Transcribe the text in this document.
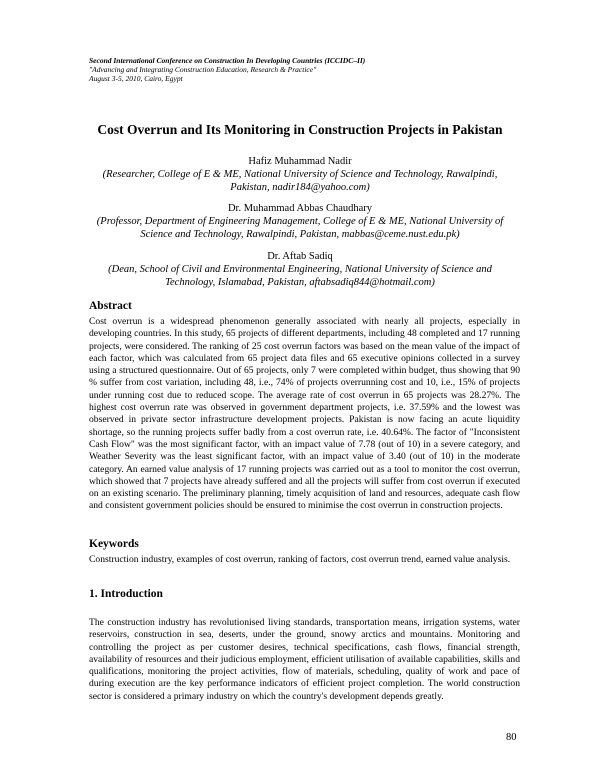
Second International Conference on Construction In Developing Countries (ICCIDC–II)
"Advancing and Integrating Construction Education, Research & Practice"
August 3-5, 2010, Cairo, Egypt
Cost Overrun and Its Monitoring in Construction Projects in Pakistan
Hafiz Muhammad Nadir
(Researcher, College of E & ME, National University of Science and Technology, Rawalpindi, Pakistan, nadir184@yahoo.com)
Dr. Muhammad Abbas Chaudhary
(Professor, Department of Engineering Management, College of E & ME, National University of Science and Technology, Rawalpindi, Pakistan, mabbas@ceme.nust.edu.pk)
Dr. Aftab Sadiq
(Dean, School of Civil and Environmental Engineering, National University of Science and Technology, Islamabad, Pakistan, aftabsadiq844@hotmail.com)
Abstract

Cost overrun is a widespread phenomenon generally associated with nearly all projects, especially in developing countries. In this study, 65 projects of different departments, including 48 completed and 17 running projects, were considered. The ranking of 25 cost overrun factors was based on the mean value of the impact of each factor, which was calculated from 65 project data files and 65 executive opinions collected in a survey using a structured questionnaire. Out of 65 projects, only 7 were completed within budget, thus showing that 90 % suffer from cost variation, including 48, i.e., 74% of projects overrunning cost and 10, i.e., 15% of projects under running cost due to reduced scope. The average rate of cost overrun in 65 projects was 28.27%. The highest cost overrun rate was observed in government department projects, i.e. 37.59% and the lowest was observed in private sector infrastructure development projects. Pakistan is now facing an acute liquidity shortage, so the running projects suffer badly from a cost overrun rate, i.e. 40.64%. The factor of "Inconsistent Cash Flow" was the most significant factor, with an impact value of 7.78 (out of 10) in a severe category, and Weather Severity was the least significant factor, with an impact value of 3.40 (out of 10) in the moderate category. An earned value analysis of 17 running projects was carried out as a tool to monitor the cost overrun, which showed that 7 projects have already suffered and all the projects will suffer from cost overrun if executed on an existing scenario. The preliminary planning, timely acquisition of land and resources, adequate cash flow and consistent government policies should be ensured to minimise the cost overrun in construction projects.

Keywords

Construction industry, examples of cost overrun, ranking of factors, cost overrun trend, earned value analysis.

1. Introduction

The construction industry has revolutionised living standards, transportation means, irrigation systems, water reservoirs, construction in sea, deserts, under the ground, snowy arctics and mountains. Monitoring and controlling the project as per customer desires, technical specifications, cash flows, financial strength, availability of resources and their judicious employment, efficient utilisation of available capabilities, skills and qualifications, monitoring the project activities, flow of materials, scheduling, quality of work and pace of during execution are the key performance indicators of efficient project completion. The world construction sector is considered a primary industry on which the country's development depends greatly.

80
